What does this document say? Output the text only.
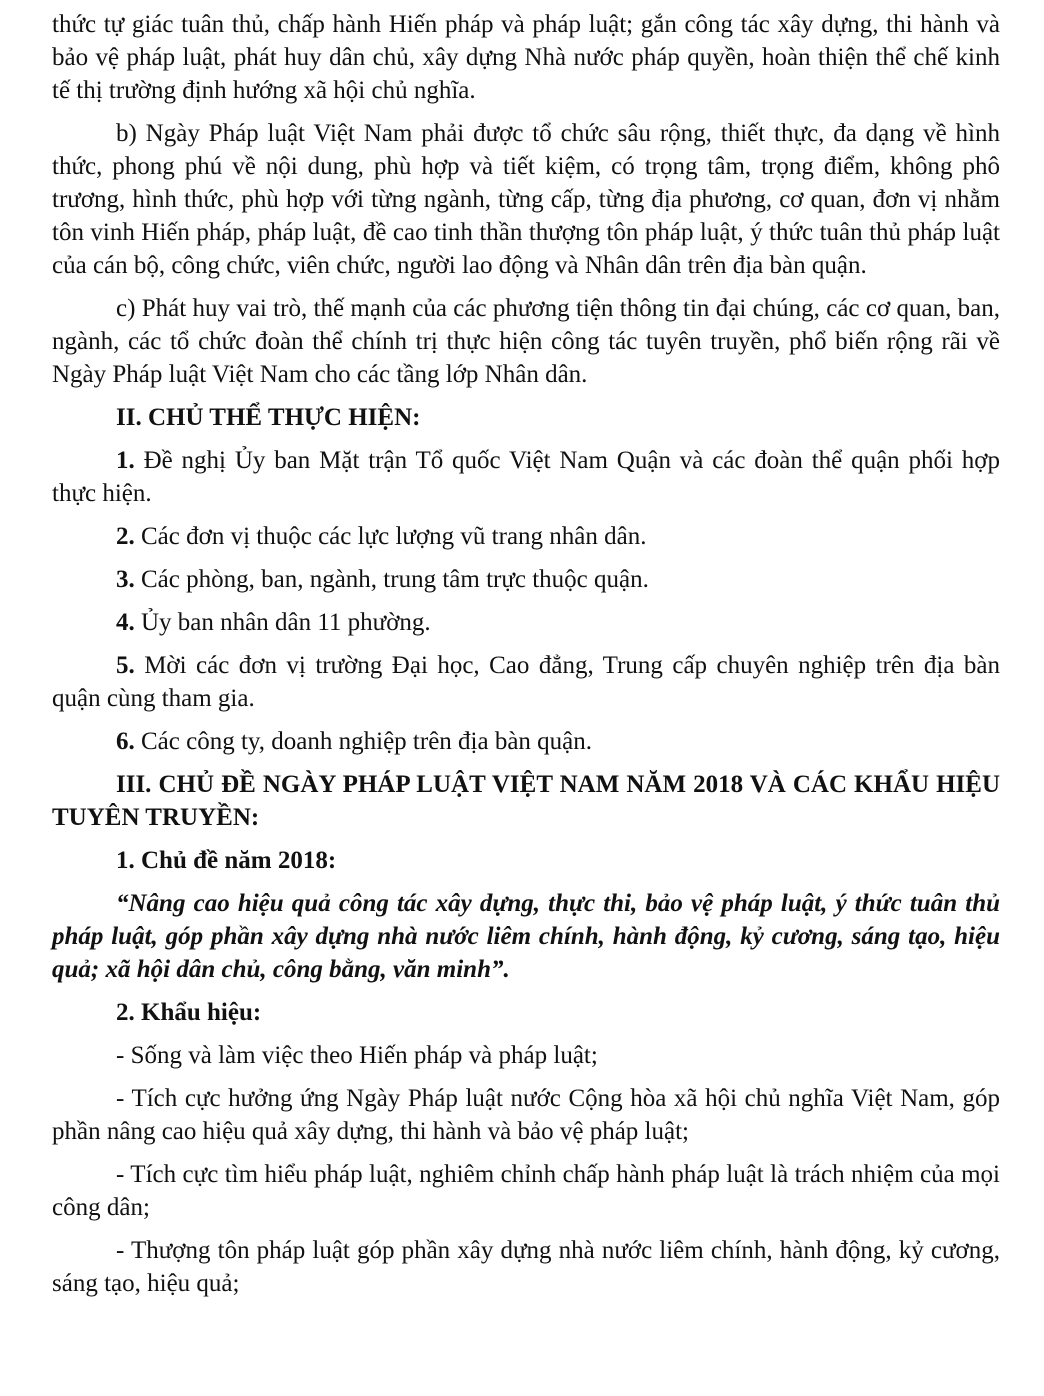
thức tự giác tuân thủ, chấp hành Hiến pháp và pháp luật; gắn công tác xây dựng, thi hành và bảo vệ pháp luật, phát huy dân chủ, xây dựng Nhà nước pháp quyền, hoàn thiện thể chế kinh tế thị trường định hướng xã hội chủ nghĩa.

b) Ngày Pháp luật Việt Nam phải được tổ chức sâu rộng, thiết thực, đa dạng về hình thức, phong phú về nội dung, phù hợp và tiết kiệm, có trọng tâm, trọng điểm, không phô trương, hình thức, phù hợp với từng ngành, từng cấp, từng địa phương, cơ quan, đơn vị nhằm tôn vinh Hiến pháp, pháp luật, đề cao tinh thần thượng tôn pháp luật, ý thức tuân thủ pháp luật của cán bộ, công chức, viên chức, người lao động và Nhân dân trên địa bàn quận.

c) Phát huy vai trò, thế mạnh của các phương tiện thông tin đại chúng, các cơ quan, ban, ngành, các tổ chức đoàn thể chính trị thực hiện công tác tuyên truyền, phổ biến rộng rãi về Ngày Pháp luật Việt Nam cho các tầng lớp Nhân dân.

II. CHỦ THỂ THỰC HIỆN:

1. Đề nghị Ủy ban Mặt trận Tổ quốc Việt Nam Quận và các đoàn thể quận phối hợp thực hiện.

2. Các đơn vị thuộc các lực lượng vũ trang nhân dân.

3. Các phòng, ban, ngành, trung tâm trực thuộc quận.

4. Ủy ban nhân dân 11 phường.

5. Mời các đơn vị trường Đại học, Cao đẳng, Trung cấp chuyên nghiệp trên địa bàn quận cùng tham gia.

6. Các công ty, doanh nghiệp trên địa bàn quận.

III. CHỦ ĐỀ NGÀY PHÁP LUẬT VIỆT NAM NĂM 2018 VÀ CÁC KHẨU HIỆU TUYÊN TRUYỀN:

1. Chủ đề năm 2018:

“Nâng cao hiệu quả công tác xây dựng, thực thi, bảo vệ pháp luật, ý thức tuân thủ pháp luật, góp phần xây dựng nhà nước liêm chính, hành động, kỷ cương, sáng tạo, hiệu quả; xã hội dân chủ, công bằng, văn minh”.

2. Khẩu hiệu:

- Sống và làm việc theo Hiến pháp và pháp luật;

- Tích cực hưởng ứng Ngày Pháp luật nước Cộng hòa xã hội chủ nghĩa Việt Nam, góp phần nâng cao hiệu quả xây dựng, thi hành và bảo vệ pháp luật;

- Tích cực tìm hiểu pháp luật, nghiêm chỉnh chấp hành pháp luật là trách nhiệm của mọi công dân;

- Thượng tôn pháp luật góp phần xây dựng nhà nước liêm chính, hành động, kỷ cương, sáng tạo, hiệu quả;
